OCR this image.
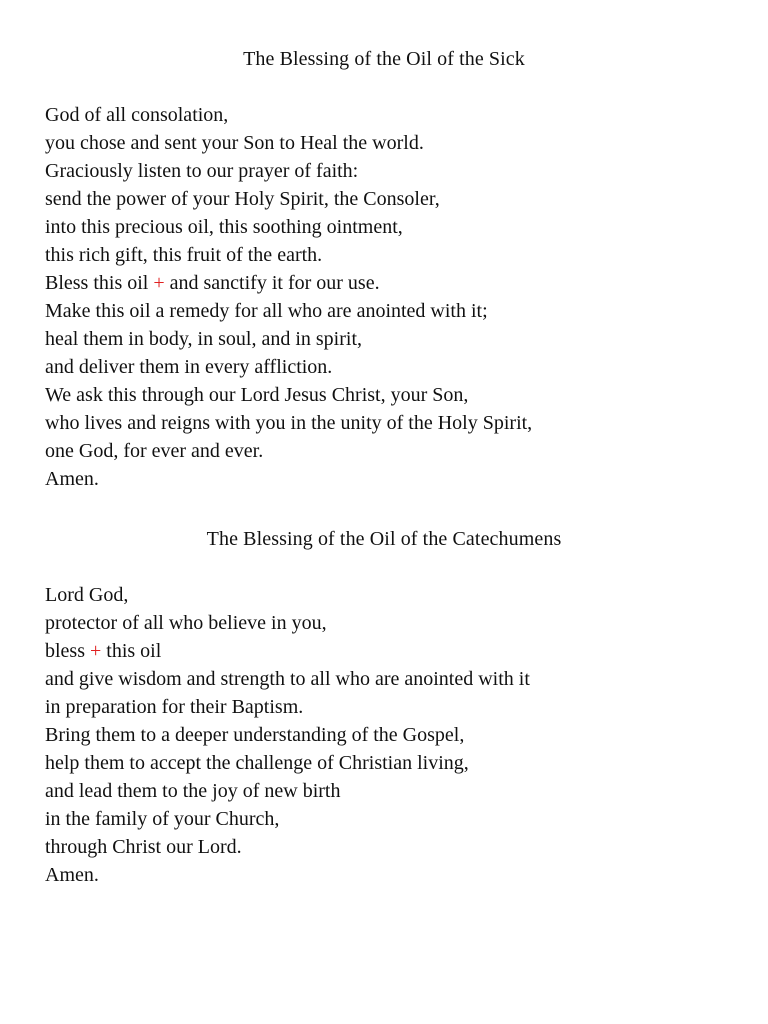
The Blessing of the Oil of the Sick
God of all consolation,
you chose and sent your Son to Heal the world.
Graciously listen to our prayer of faith:
send the power of your Holy Spirit, the Consoler,
into this precious oil, this soothing ointment,
this rich gift, this fruit of the earth.
Bless this oil + and sanctify it for our use.
Make this oil a remedy for all who are anointed with it;
heal them in body, in soul, and in spirit,
and deliver them in every affliction.
We ask this through our Lord Jesus Christ, your Son,
who lives and reigns with you in the unity of the Holy Spirit,
one God, for ever and ever.
Amen.
The Blessing of the Oil of the Catechumens
Lord God,
protector of all who believe in you,
bless + this oil
and give wisdom and strength to all who are anointed with it
in preparation for their Baptism.
Bring them to a deeper understanding of the Gospel,
help them to accept the challenge of Christian living,
and lead them to the joy of new birth
in the family of your Church,
through Christ our Lord.
Amen.
